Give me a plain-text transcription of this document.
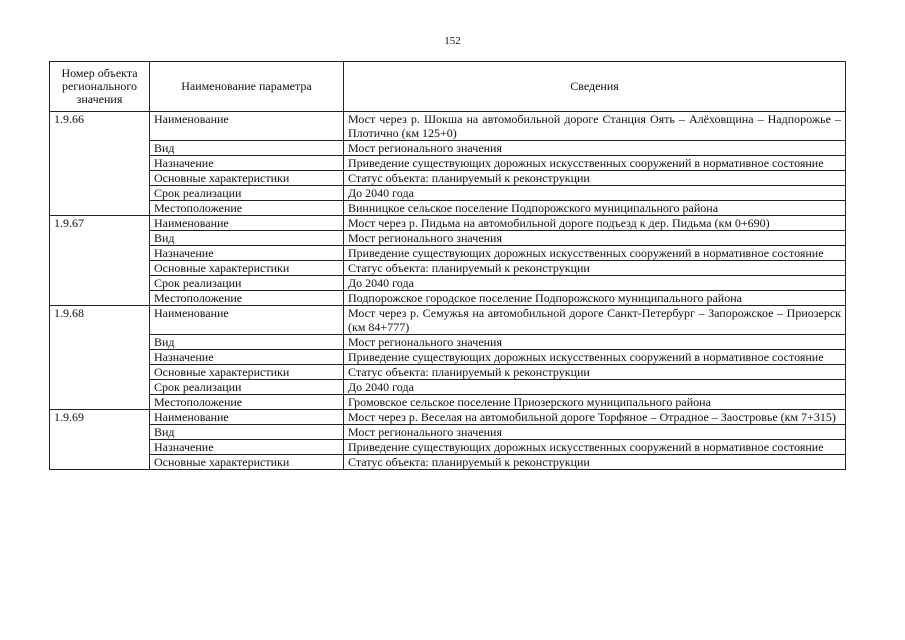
152
Номер объекта регионального значения	Наименование параметра	Сведения
1.9.66	Наименование	Мост через р. Шокша на автомобильной дороге Станция Оять – Алёховщина – Надпорожье – Плотично (км 125+0)
	Вид	Мост регионального значения
	Назначение	Приведение существующих дорожных искусственных сооружений в нормативное состояние
	Основные характеристики	Статус объекта: планируемый к реконструкции
	Срок реализации	До 2040 года
	Местоположение	Винницкое сельское поселение Подпорожского муниципального района
1.9.67	Наименование	Мост через р. Пидьма на автомобильной дороге подъезд к дер. Пидьма (км 0+690)
	Вид	Мост регионального значения
	Назначение	Приведение существующих дорожных искусственных сооружений в нормативное состояние
	Основные характеристики	Статус объекта: планируемый к реконструкции
	Срок реализации	До 2040 года
	Местоположение	Подпорожское городское поселение Подпорожского муниципального района
1.9.68	Наименование	Мост через р. Семужья на автомобильной дороге Санкт-Петербург – Запорожское – Приозерск (км 84+777)
	Вид	Мост регионального значения
	Назначение	Приведение существующих дорожных искусственных сооружений в нормативное состояние
	Основные характеристики	Статус объекта: планируемый к реконструкции
	Срок реализации	До 2040 года
	Местоположение	Громовское сельское поселение Приозерского муниципального района
1.9.69	Наименование	Мост через р. Веселая на автомобильной дороге Торфяное – Отрадное – Заостровье (км 7+315)
	Вид	Мост регионального значения
	Назначение	Приведение существующих дорожных искусственных сооружений в нормативное состояние
	Основные характеристики	Статус объекта: планируемый к реконструкции
